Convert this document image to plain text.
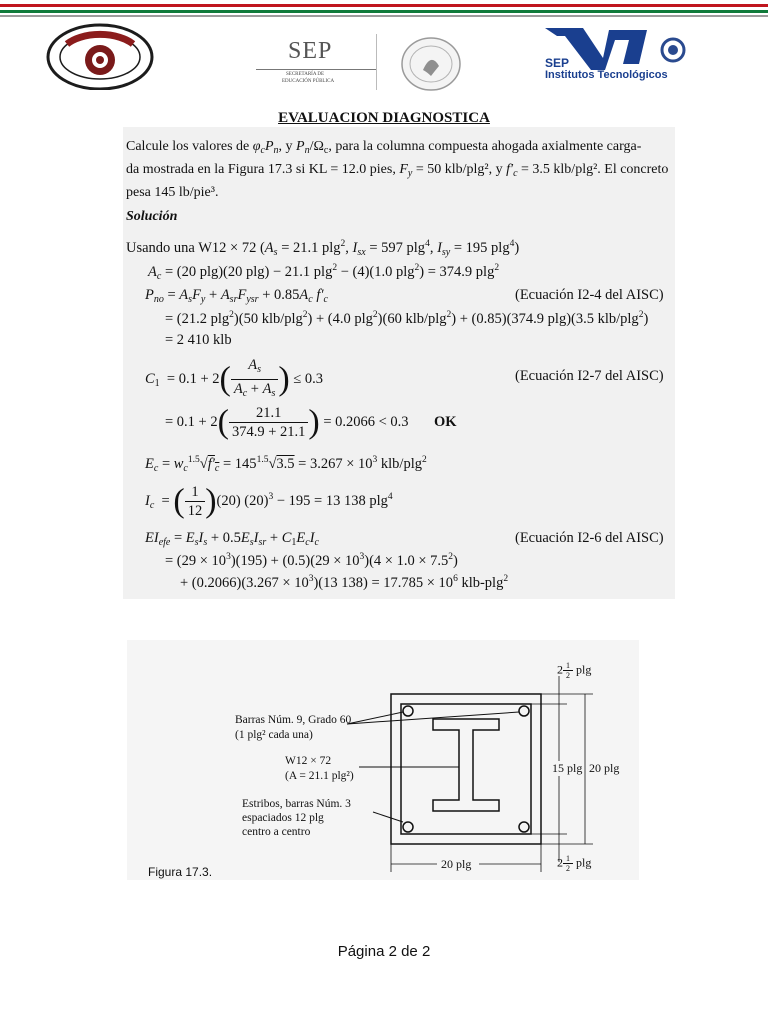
SEP
SECRETARÍA DE
EDUCACIÓN PÚBLICA
SEP
Institutos Tecnológicos
EVALUACION DIAGNOSTICA
Calcule los valores de $\varphi_cP_n$, y $P_n/\Omega_c$, para la columna compuesta ahogada axialmente carga-
da mostrada en la Figura 17.3 si KL = 12.0 pies, $F_y = 50$ klb/plg², y $f'_c = 3.5$ klb/plg². El concreto
pesa 145 lb/pie³.
Solución
Usando una W12 × 72 ($A_s = 21.1$ plg$^2$, $I_{sx} = 597$ plg$^4$, $I_{sy} = 195$ plg$^4$)
$A_c = (20$ plg)(20 plg) − 21.1 plg$^2$ − (4)(1.0 plg$^2$) = 374.9 plg$^2$
$P_{no} = A_sF_y + A_{sr}F_{ysr} + 0.85A_c$ $f'_c$	(Ecuación I2-4 del AISC)
= (21.2 plg$^2$)(50 klb/plg$^2$) + (4.0 plg$^2$)(60 klb/plg$^2$) + (0.85)(374.9 plg)(3.5 klb/plg$^2$)
= 2 410 klb
$C_1 = 0.1 + 2( \frac{A_s}{A_c + A_s}$ ) ≤ 0.3	(Ecuación I2-7 del AISC)
= $0.1 + 2( \frac{21.1}{374.9 + 21.1}$ ) = 0.2066 < 0.3       OK
$E_c = w_c^{1.5}√f'_c = 145^{1.5}√3.5 = 3.267 \times 10^3$ klb/plg$^2$
$I_c$  = ( $\frac{1}{12} )(20)$ $(20)^3 - 195 = 13$ 138 plg$^4$
$EI_{efe} = E_sI_s + 0.5E_sI_{sr} + C_1E_cI_c$	(Ecuación I2-6 del AISC)
= $(29 \times 10^3)(195) + (0.5)(29 \times 10^3)(4 \times 1.0 \times 7.5^2)$
+ $(0.2066)(3.267 \times 10^3)(13$ $138) = 17.785 \times 10^6$ klb-plg$^2$
Barras Núm. 9, Grado 60
(1 plg² cada una)
W12 × 72
(A = 21.1 plg²)
Estribos, barras Núm. 3
espaciados 12 plg
centro a centro
$2 \frac{1}{2}$ plg
15 plg 20 plg
20 plg	$2 \frac{1}{2}$ plg
Figura 17.3.
Página 2 de 2
